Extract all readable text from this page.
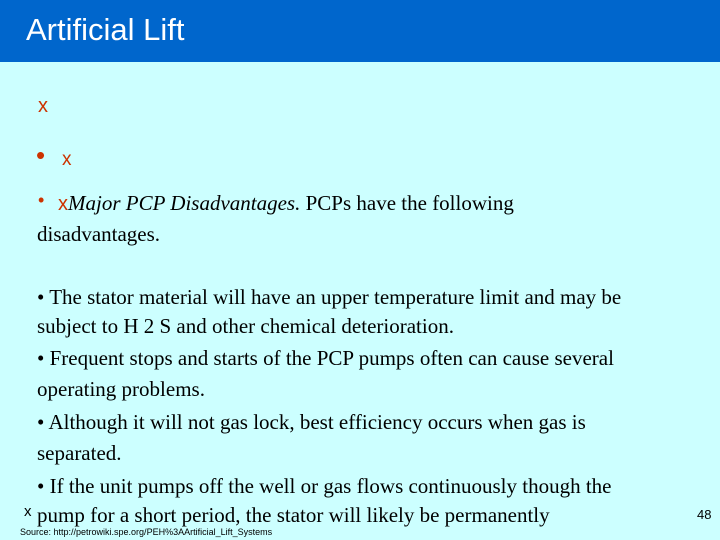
Artificial Lift
x
• x
• xMajor PCP Disadvantages. PCPs have the following
disadvantages.
• The stator material will have an upper temperature limit and may be
subject to H 2 S and other chemical deterioration.
• Frequent stops and starts of the PCP pumps often can cause several
operating problems.
• Although it will not gas lock, best efficiency occurs when gas is
separated.
• If the unit pumps off the well or gas flows continuously though the
x pump for a short period, the stator will likely be permanently
Source: http://petrowiki.spe.org/PEH%3AArtificial_Lift_Systems
48
